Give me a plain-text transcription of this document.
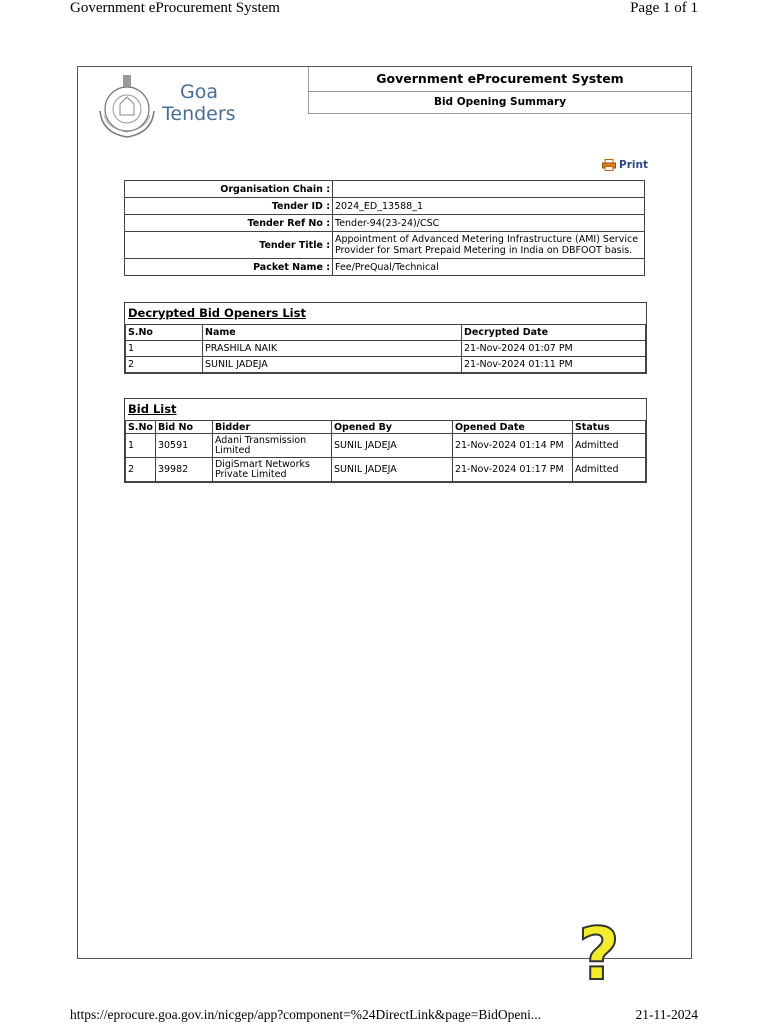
Government eProcurement System	Page 1 of 1
Goa
Tenders
Government eProcurement System
Bid Opening Summary
Print
Organisation Chain :	
Tender ID :	2024_ED_13588_1
Tender Ref No :	Tender-94(23-24)/CSC
Tender Title :	Appointment of Advanced Metering Infrastructure (AMI) Service Provider for Smart Prepaid Metering in India on DBFOOT basis.
Packet Name :	Fee/PreQual/Technical
Decrypted Bid Openers List
S.No	Name	Decrypted Date
1	PRASHILA NAIK	21-Nov-2024 01:07 PM
2	SUNIL JADEJA	21-Nov-2024 01:11 PM
Bid List
S.No	Bid No	Bidder	Opened By	Opened Date	Status
1	30591	Adani Transmission Limited	SUNIL JADEJA	21-Nov-2024 01:14 PM	Admitted
2	39982	DigiSmart Networks Private Limited	SUNIL JADEJA	21-Nov-2024 01:17 PM	Admitted
?
https://eprocure.goa.gov.in/nicgep/app?component=%24DirectLink&page=BidOpeni...	21-11-2024
